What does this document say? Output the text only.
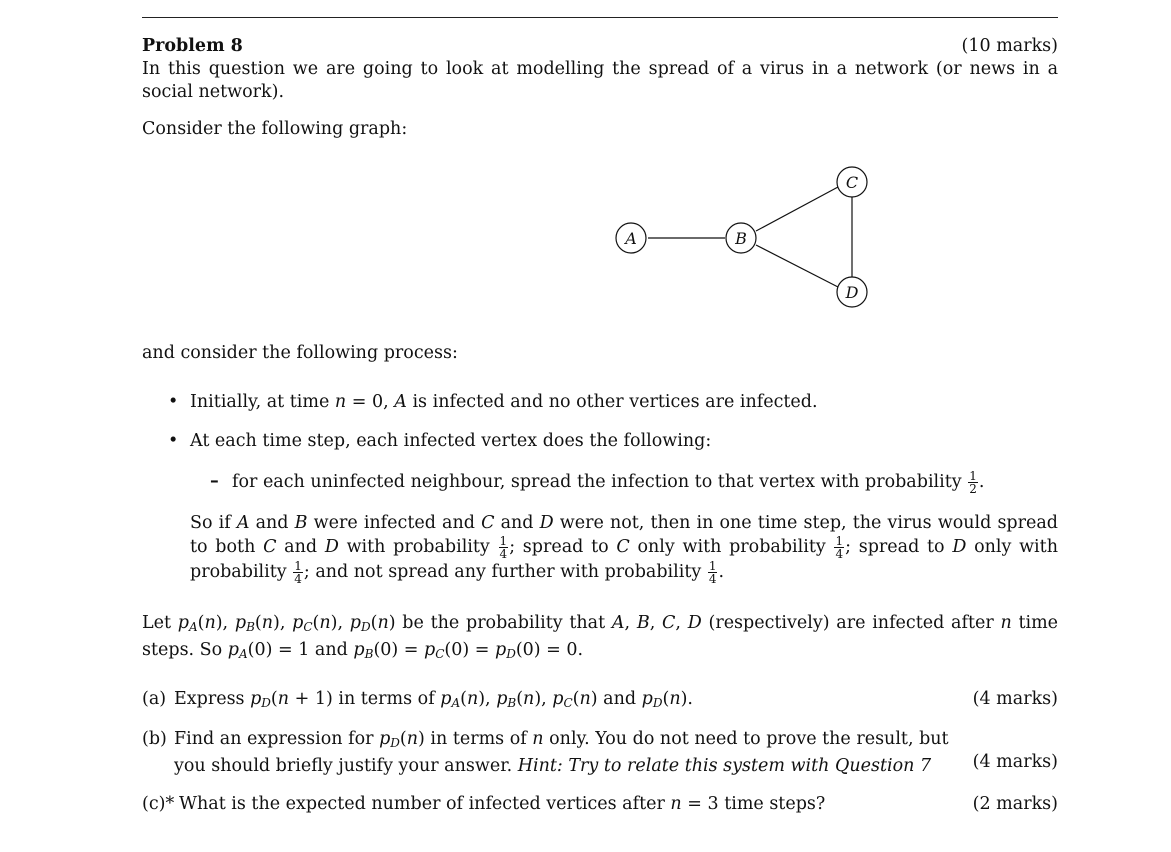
Problem 8	(10 marks)
In this question we are going to look at modelling the spread of a virus in a network (or news in a social network).
Consider the following graph:
A	B
C
D
and consider the following process:
• Initially, at time n = 0, A is infected and no other vertices are infected.
• At each time step, each infected vertex does the following:
– for each uninfected neighbour, spread the infection to that vertex with probability $\frac{1}{2}$ .
So if A and B were infected and C and D were not, then in one time step, the virus would spread to both C and D with probability $\frac{1}{4}$ ; spread to C only with probability $\frac{1}{4}$ ; spread to D only with probability $\frac{1}{4}$ ; and not spread any further with probability $\frac{1}{4}$ .
Let $p_A(n)$, $p_B(n)$, $p_C(n)$, $p_D(n)$ be the probability that A, B, C, D (respectively) are infected after n time steps. So $p_A(0) = 1$ and $p_B(0) = p_C(0) = p_D(0) = 0$.
(a) Express $p_D(n + 1)$ in terms of $p_A(n)$, $p_B(n)$, $p_C(n)$ and $p_D(n)$.	(4 marks)
(b) Find an expression for $p_D(n)$ in terms of n only. You do not need to prove the result, but you should briefly justify your answer. Hint: Try to relate this system with Question 7	(4 marks)
(c)* What is the expected number of infected vertices after n = 3 time steps?	(2 marks)
